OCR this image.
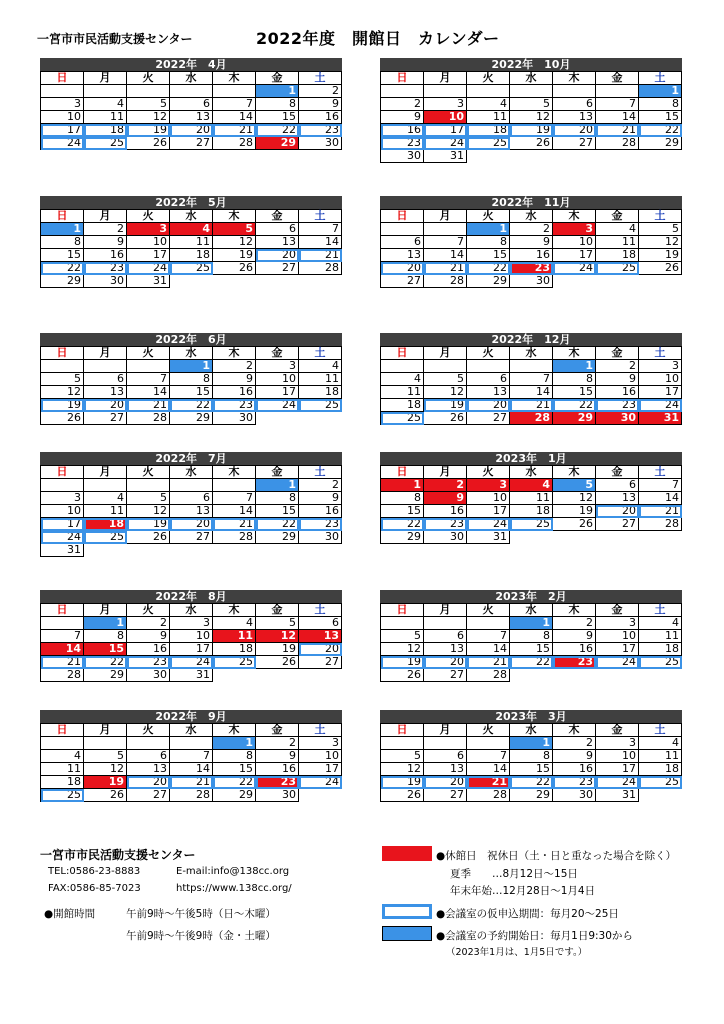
一宮市市民活動支援センター	2022年度　開館日　カレンダー
2022年　4月
日	月	火	水	木	金	土
					1	2
3	4	5	6	7	8	9
10	11	12	13	14	15	16
17	18	19	20	21	22	23
24	25	26	27	28	29	30
2022年　5月
日	月	火	水	木	金	土
1	2	3	4	5	6	7
8	9	10	11	12	13	14
15	16	17	18	19	20	21
22	23	24	25	26	27	28
29	30	31				
2022年　6月
日	月	火	水	木	金	土
			1	2	3	4
5	6	7	8	9	10	11
12	13	14	15	16	17	18
19	20	21	22	23	24	25
26	27	28	29	30		
2022年　7月
日	月	火	水	木	金	土
					1	2
3	4	5	6	7	8	9
10	11	12	13	14	15	16
17	18	19	20	21	22	23
24	25	26	27	28	29	30
31						
2022年　8月
日	月	火	水	木	金	土
	1	2	3	4	5	6
7	8	9	10	11	12	13
14	15	16	17	18	19	20
21	22	23	24	25	26	27
28	29	30	31			
2022年　9月
日	月	火	水	木	金	土
				1	2	3
4	5	6	7	8	9	10
11	12	13	14	15	16	17
18	19	20	21	22	23	24
25	26	27	28	29	30	
2022年　10月
日	月	火	水	木	金	土
						1
2	3	4	5	6	7	8
9	10	11	12	13	14	15
16	17	18	19	20	21	22
23	24	25	26	27	28	29
30	31					
2022年　11月
日	月	火	水	木	金	土
		1	2	3	4	5
6	7	8	9	10	11	12
13	14	15	16	17	18	19
20	21	22	23	24	25	26
27	28	29	30			
2022年　12月
日	月	火	水	木	金	土
				1	2	3
4	5	6	7	8	9	10
11	12	13	14	15	16	17
18	19	20	21	22	23	24
25	26	27	28	29	30	31
2023年　1月
日	月	火	水	木	金	土
1	2	3	4	5	6	7
8	9	10	11	12	13	14
15	16	17	18	19	20	21
22	23	24	25	26	27	28
29	30	31				
2023年　2月
日	月	火	水	木	金	土
			1	2	3	4
5	6	7	8	9	10	11
12	13	14	15	16	17	18
19	20	21	22	23	24	25
26	27	28				
2023年　3月
日	月	火	水	木	金	土
			1	2	3	4
5	6	7	8	9	10	11
12	13	14	15	16	17	18
19	20	21	22	23	24	25
26	27	28	29	30	31	
一宮市市民活動支援センター
TEL:0586-23-8883	E-mail:info@138cc.org
FAX:0586-85-7023	https://www.138cc.org/
●開館時間	午前9時～午後5時（日～木曜）
午前9時～午後9時（金・土曜）
●休館日　祝休日（土・日と重なった場合を除く）
夏季　　…8月12日～15日
年末年始…12月28日～1月4日
●会議室の仮申込期間：毎月20～25日
●会議室の予約開始日：毎月1日9:30から
（2023年1月は、1月5日です。）
